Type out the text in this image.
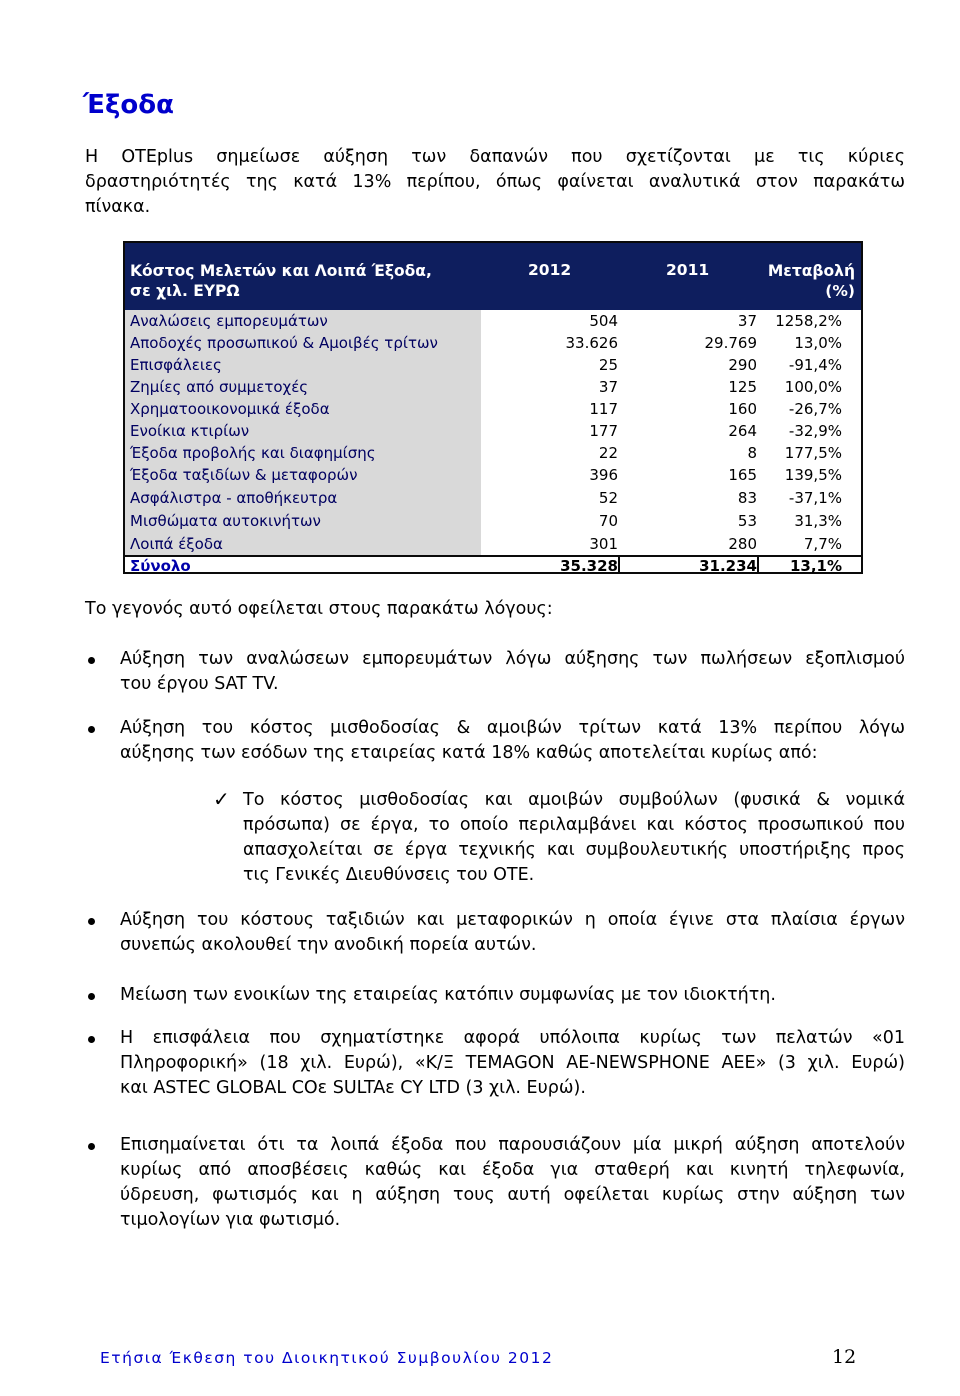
Έξοδα
Η OTEplus σημείωσε αύξηση των δαπανών που σχετίζονται με τις κύριες
δραστηριότητές της κατά 13% περίπου, όπως φαίνεται αναλυτικά στον παρακάτω
πίνακα.
Κόστος Μελετών και Λοιπά Έξοδα,
σε χιλ. ΕΥΡΩ
2012	2011	Μεταβολή
(%)
Αναλώσεις εμπορευμάτων	504	37	1258,2%
Αποδοχές προσωπικού & Αμοιβές τρίτων	33.626	29.769	13,0%
Επισφάλειες	25	290	-91,4%
Ζημίες από συμμετοχές	37	125	100,0%
Χρηματοοικονομικά έξοδα	117	160	-26,7%
Ενοίκια κτιρίων	177	264	-32,9%
Έξοδα προβολής και διαφημίσης	22	8	177,5%
Έξοδα ταξιδίων & μεταφορών	396	165	139,5%
Ασφάλιστρα - αποθήκευτρα	52	83	-37,1%
Μισθώματα αυτοκινήτων	70	53	31,3%
Λοιπά έξοδα	301	280	7,7%
Σύνολο	35.328	31.234	13,1%
Το γεγονός αυτό οφείλεται στους παρακάτω λόγους:
Αύξηση των αναλώσεων εμπορευμάτων λόγω αύξησης των πωλήσεων εξοπλισμού
του έργου SAT TV.
Αύξηση του κόστος μισθοδοσίας & αμοιβών τρίτων κατά 13% περίπου λόγω
αύξησης των εσόδων της εταιρείας κατά 18% καθώς αποτελείται κυρίως από:
✓ Το κόστος μισθοδοσίας και αμοιβών συμβούλων (φυσικά & νομικά
πρόσωπα) σε έργα, το οποίο περιλαμβάνει και κόστος προσωπικού που
απασχολείται σε έργα τεχνικής και συμβουλευτικής υποστήριξης προς
τις Γενικές Διευθύνσεις του ΟΤΕ.
Αύξηση του κόστους ταξιδιών και μεταφορικών η οποία έγινε στα πλαίσια έργων
συνεπώς ακολουθεί την ανοδική πορεία αυτών.
Μείωση των ενοικίων της εταιρείας κατόπιν συμφωνίας με τον ιδιοκτήτη.
Η επισφάλεια που σχηματίστηκε αφορά υπόλοιπα κυρίως των πελατών «01
Πληροφορική» (18 χιλ. Ευρώ), «Κ/Ξ TEMAGON AE-NEWSPHONE AEE» (3 χιλ. Ευρώ)
και ASTEC GLOBAL COε SULTAε CY LTD (3 χιλ. Ευρώ).
Επισημαίνεται ότι τα λοιπά έξοδα που παρουσιάζουν μία μικρή αύξηση αποτελούν
κυρίως από αποσβέσεις καθώς και έξοδα για σταθερή και κινητή τηλεφωνία,
ύδρευση, φωτισμός και η αύξηση τους αυτή οφείλεται κυρίως στην αύξηση των
τιμολογίων για φωτισμό.
Ετήσια Έκθεση του Διοικητικού Συμβουλίου 2012	12
